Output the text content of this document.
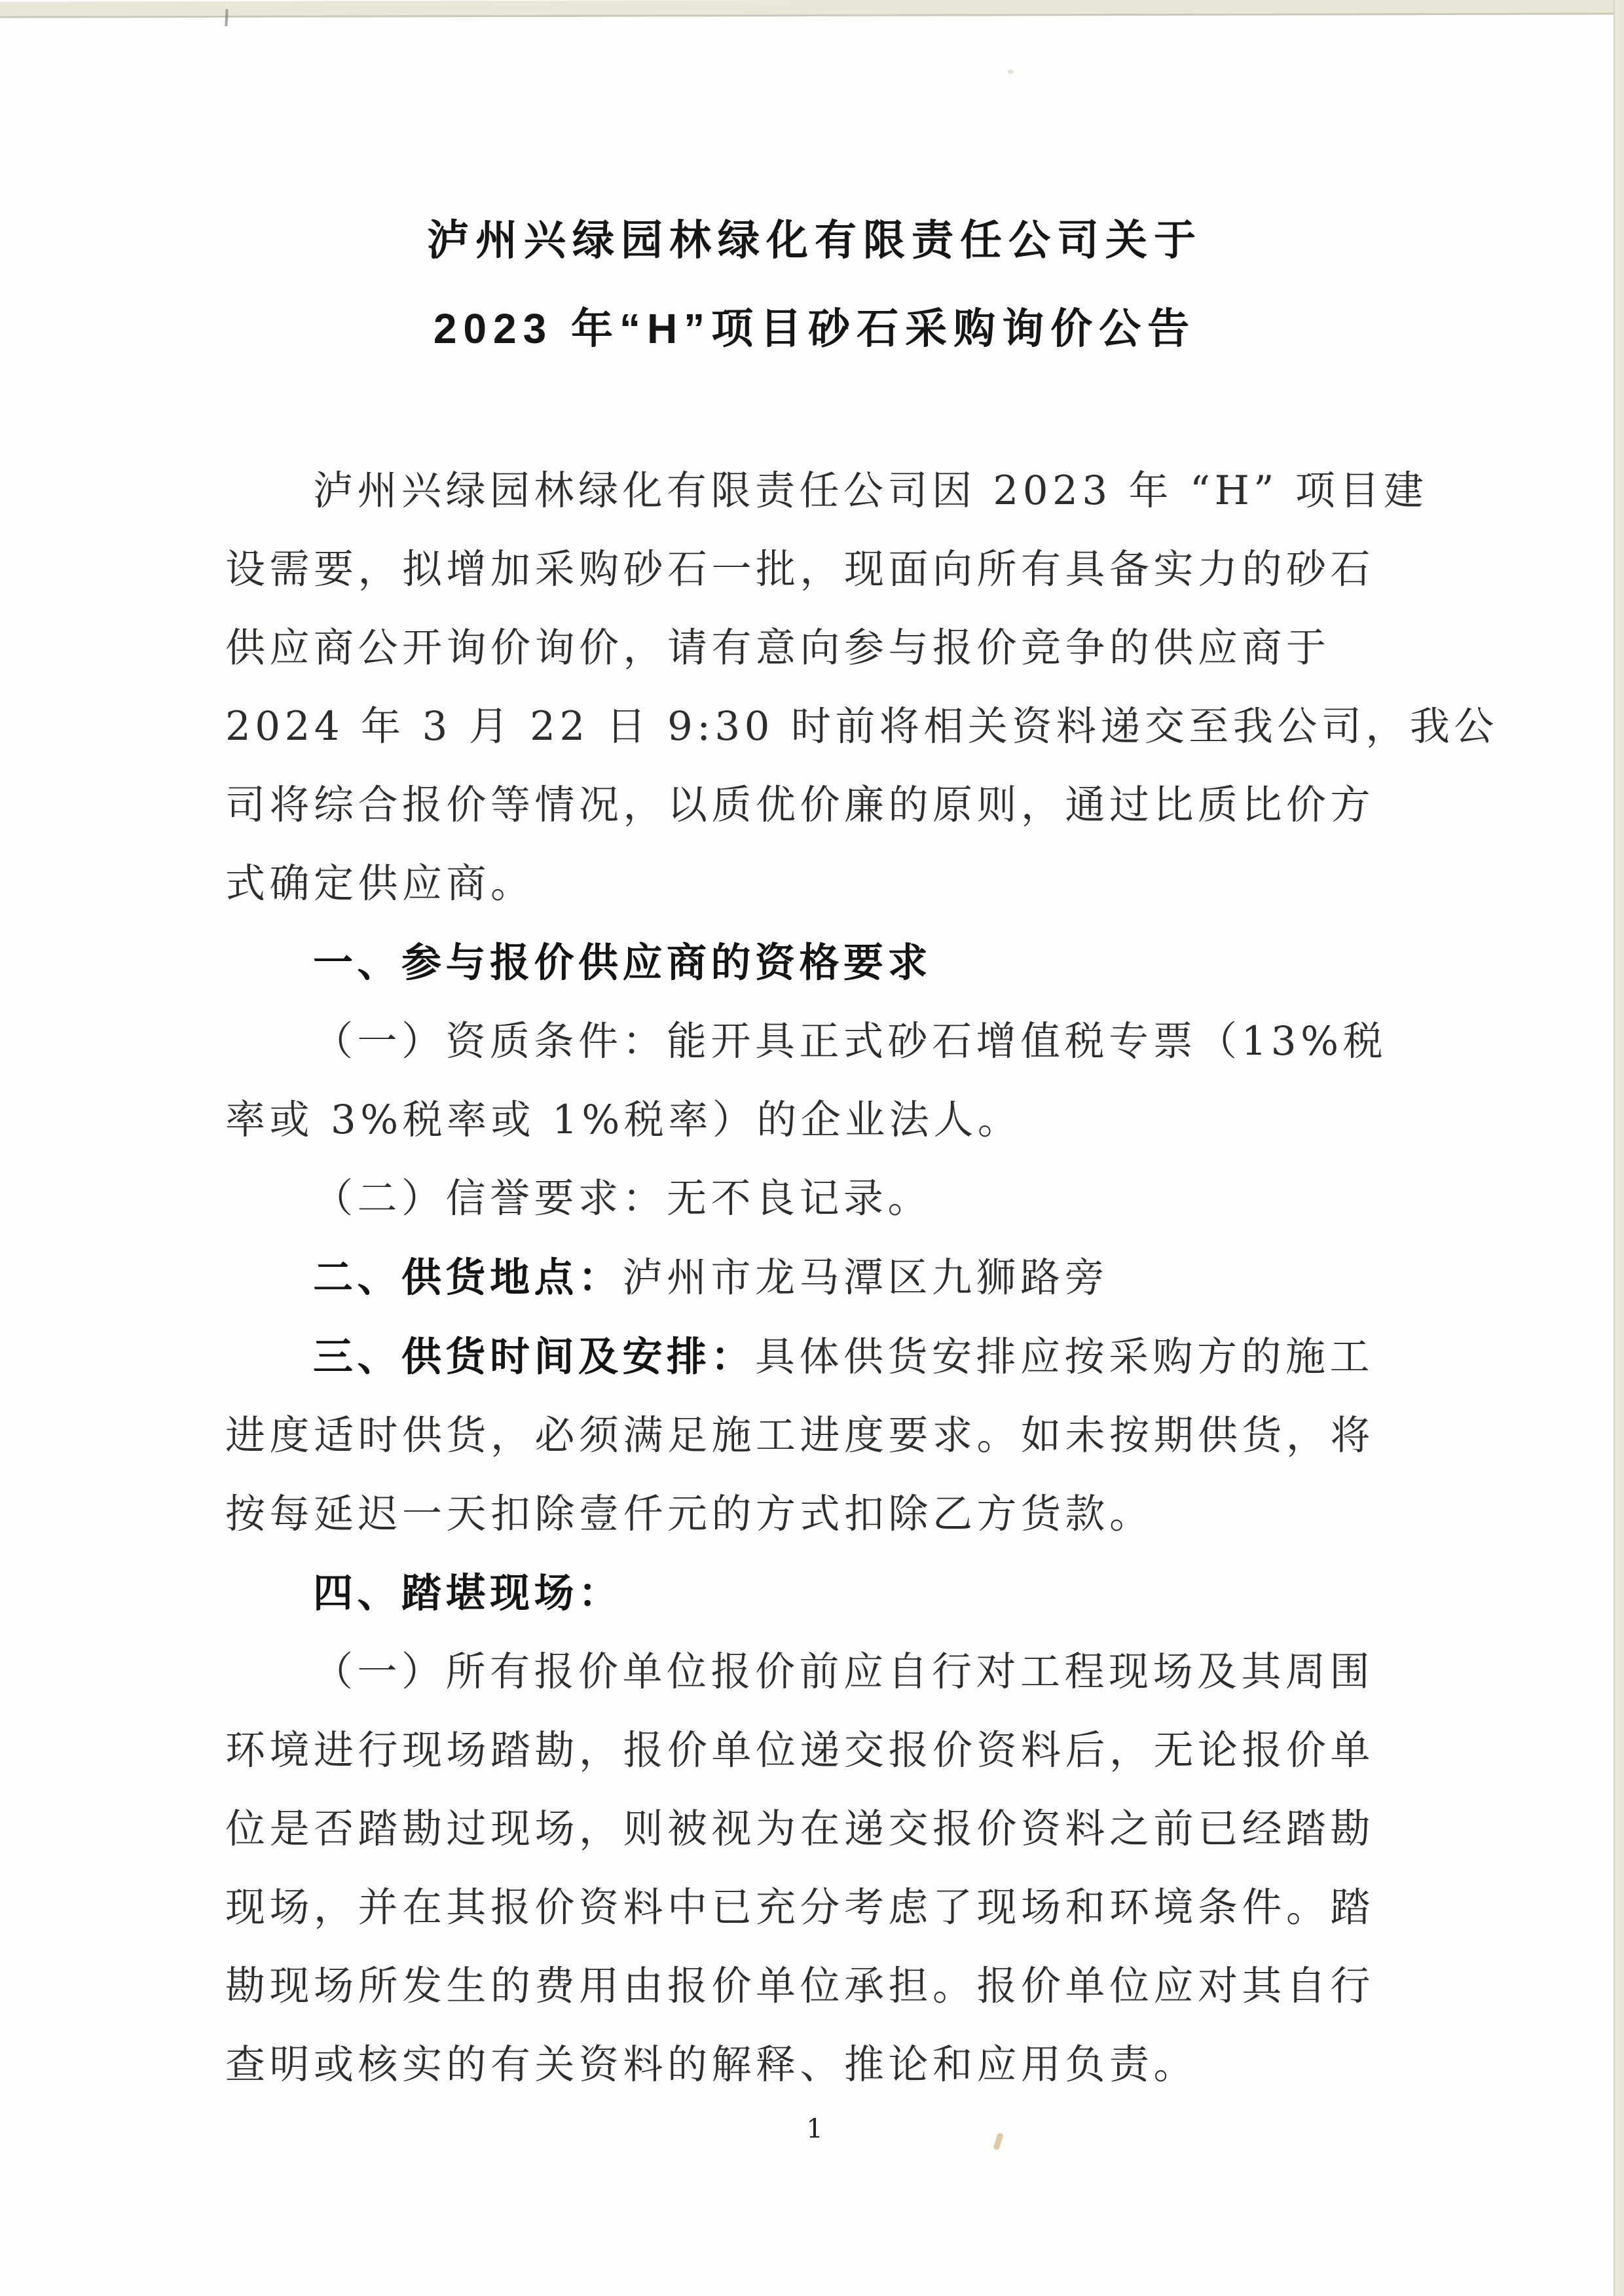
泸州兴绿园林绿化有限责任公司关于
2023 年“H”项目砂石采购询价公告
泸州兴绿园林绿化有限责任公司因 2023 年 “H” 项目建
设需要，拟增加采购砂石一批，现面向所有具备实力的砂石
供应商公开询价询价，请有意向参与报价竞争的供应商于
2024 年 3 月 22 日 9:30 时前将相关资料递交至我公司，我公
司将综合报价等情况，以质优价廉的原则，通过比质比价方
式确定供应商。
一、参与报价供应商的资格要求
（一）资质条件：能开具正式砂石增值税专票（13%税
率或 3%税率或 1%税率）的企业法人。
（二）信誉要求：无不良记录。
二、供货地点：泸州市龙马潭区九狮路旁
三、供货时间及安排：具体供货安排应按采购方的施工
进度适时供货，必须满足施工进度要求。如未按期供货，将
按每延迟一天扣除壹仟元的方式扣除乙方货款。
四、踏堪现场：
（一）所有报价单位报价前应自行对工程现场及其周围
环境进行现场踏勘，报价单位递交报价资料后，无论报价单
位是否踏勘过现场，则被视为在递交报价资料之前已经踏勘
现场，并在其报价资料中已充分考虑了现场和环境条件。踏
勘现场所发生的费用由报价单位承担。报价单位应对其自行
查明或核实的有关资料的解释、推论和应用负责。
1
